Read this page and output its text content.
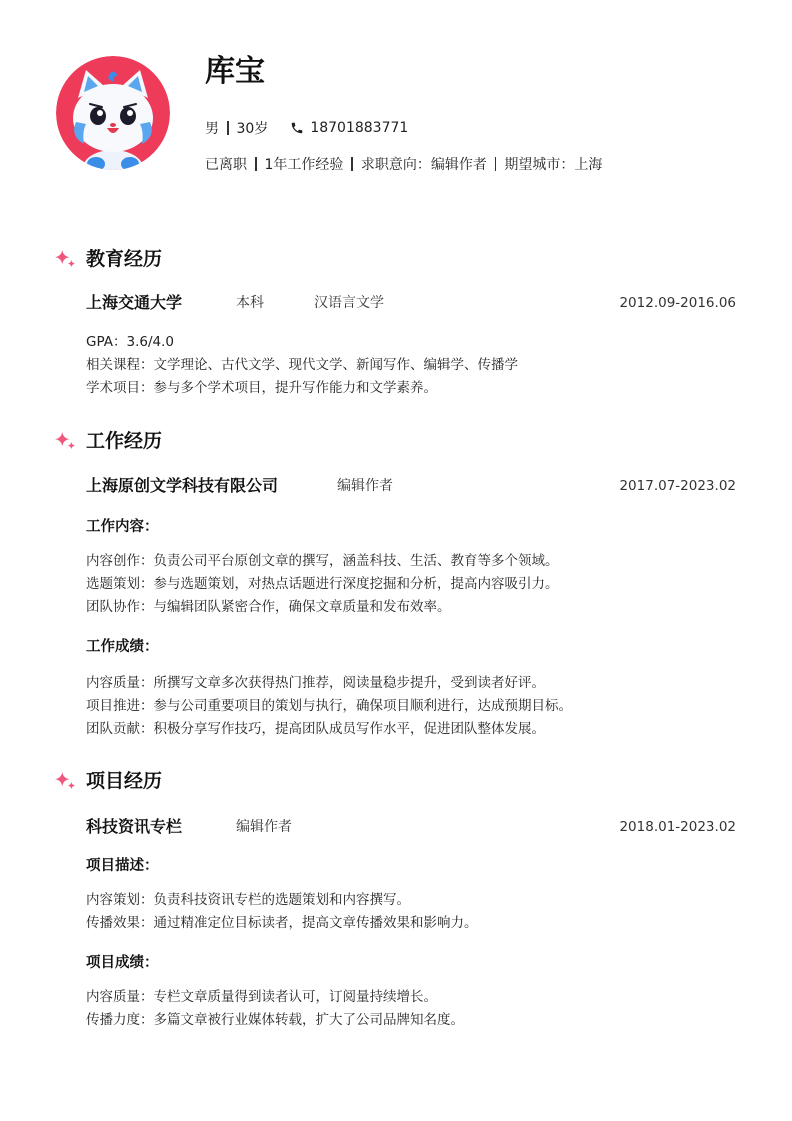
库宝
男 30岁	18701883771
已离职 1年工作经验 求职意向：编辑作者 期望城市：上海
教育经历
上海交通大学	本科	汉语言文学	2012.09-2016.06
GPA：3.6/4.0
相关课程：文学理论、古代文学、现代文学、新闻写作、编辑学、传播学
学术项目：参与多个学术项目，提升写作能力和文学素养。
工作经历
上海原创文学科技有限公司	编辑作者	2017.07-2023.02
工作内容：
内容创作：负责公司平台原创文章的撰写，涵盖科技、生活、教育等多个领域。
选题策划：参与选题策划，对热点话题进行深度挖掘和分析，提高内容吸引力。
团队协作：与编辑团队紧密合作，确保文章质量和发布效率。
工作成绩：
内容质量：所撰写文章多次获得热门推荐，阅读量稳步提升，受到读者好评。
项目推进：参与公司重要项目的策划与执行，确保项目顺利进行，达成预期目标。
团队贡献：积极分享写作技巧，提高团队成员写作水平，促进团队整体发展。
项目经历
科技资讯专栏	编辑作者	2018.01-2023.02
项目描述：
内容策划：负责科技资讯专栏的选题策划和内容撰写。
传播效果：通过精准定位目标读者，提高文章传播效果和影响力。
项目成绩：
内容质量：专栏文章质量得到读者认可，订阅量持续增长。
传播力度：多篇文章被行业媒体转载，扩大了公司品牌知名度。
